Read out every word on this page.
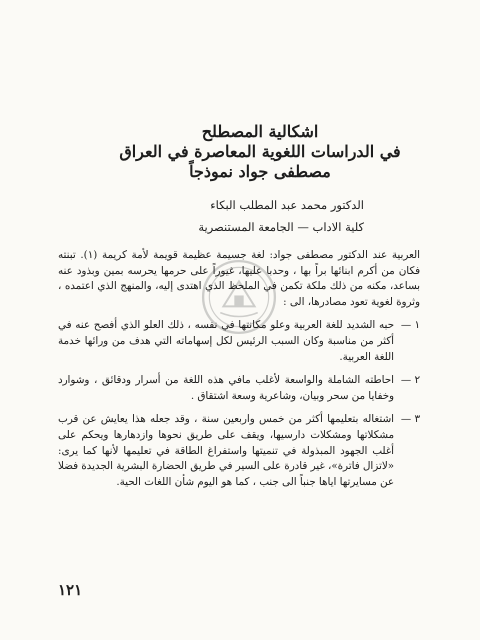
اشكالية المصطلح
في الدراسات اللغوية المعاصرة في العراق
مصطفى جواد نموذجاً
الدكتور محمد عبد المطلب البكاء
كلية الاداب — الجامعة المستنصرية

العربية عند الدكتور مصطفى جواد: لغة جسيمة عظيمة قويمة لأمة كريمة (١). تبنته فكان من أكرم ابنائها براً بها ، وحدبا عليها، غيوراً على حرمها يحرسه بمين وبذود عنه بساعد، مكنه من ذلك ملكة تكمن في الملحظ الذي اهتدى إليه، والمنهج الذي اعتمده ، وثروة لغوية تعود مصادرها، الى :

١ —
حبه الشديد للغة العربية وعلو مكانتها في نفسه ، ذلك العلو الذي أفصح عنه في أكثر من مناسبة وكان السبب الرئيس لكل إسهاماته التي هدف من ورائها خدمة اللغة العربية.
٢ —
احاطته الشاملة والواسعة لأغلب مافي هذه اللغة من أسرار ودقائق ، وشوارد وخفايا من سحر وبيان، وشاعرية وسعة اشتقاق .
٣ —
اشتغاله بتعليمها أكثر من خمس واربعين سنة ، وقد جعله هذا يعايش عن قرب مشكلاتها ومشكلات دارسيها، ويقف على طريق نحوها وازدهارها ويحكم على أغلب الجهود المبذولة في تنميتها واستفراغ الطاقة في تعليمها لأنها كما يرى: «لاتزال فاترة»، غير قادرة على السير في طريق الحضارة البشرية الجديدة فضلا عن مسايرتها اياها جنباً الى جنب ، كما هو اليوم شأن اللغات الحية.
١٢١
